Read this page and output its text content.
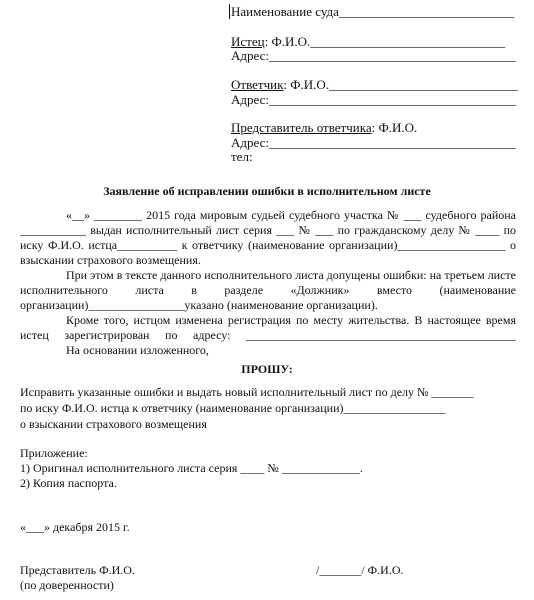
Наименование суда___________________________
Истец: Ф.И.О.______________________________
Адрес:______________________________________
Ответчик: Ф.И.О._____________________________
Адрес:______________________________________
Представитель ответчика: Ф.И.О.
Адрес:______________________________________
тел:
Заявление об исправлении ошибки в исполнительном листе

«__» ________ 2015 года мировым судьей судебного участка № ___ судебного района ___________ выдан исполнительный лист серия ___ № ___ по гражданскому делу № ____ по иску Ф.И.О. истца__________ к ответчику (наименование организации)__________________ о взыскании страхового возмещения.

При этом в тексте данного исполнительного листа допущены ошибки: на третьем листе исполнительного листа в разделе «Должник» вместо (наименование организации)________________указано (наименование организации).

Кроме того, истцом изменена регистрация по месту жительства. В настоящее время истец зарегистрирован по адресу: _____________________________________________

На основании изложенного,

ПРОШУ:
Исправить указанные ошибки и выдать новый исполнительный лист по делу № _______
по иску Ф.И.О. истца к ответчику (наименование организации)_________________
о взыскании страхового возмещения
Приложение:
1) Оригинал исполнительного листа серия ____ № _____________.
2) Копия паспорта.
«___» декабря 2015 г.
Представитель Ф.И.О.
(по доверенности)
/_______/ Ф.И.О.
